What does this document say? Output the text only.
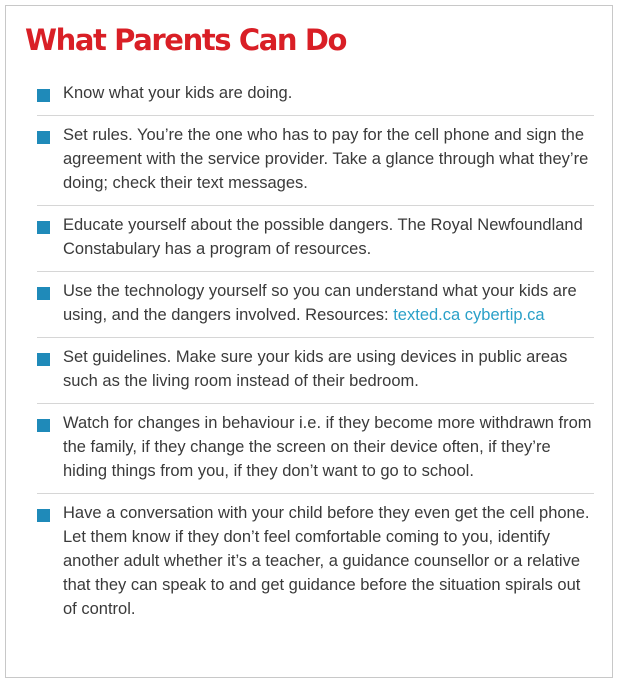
What Parents Can Do
Know what your kids are doing.
Set rules. You’re the one who has to pay for the cell phone and sign the agreement with the service provider. Take a glance through what they’re doing; check their text messages.
Educate yourself about the possible dangers. The Royal Newfoundland Constabulary has a program of resources.
Use the technology yourself so you can understand what your kids are using, and the dangers involved. Resources: texted.ca cybertip.ca
Set guidelines. Make sure your kids are using devices in public areas such as the living room instead of their bedroom.
Watch for changes in behaviour i.e. if they become more withdrawn from the family, if they change the screen on their device often, if they’re hiding things from you, if they don’t want to go to school.
Have a conversation with your child before they even get the cell phone. Let them know if they don’t feel comfortable coming to you, identify another adult whether it’s a teacher, a guidance counsellor or a relative that they can speak to and get guidance before the situation spirals out of control.
